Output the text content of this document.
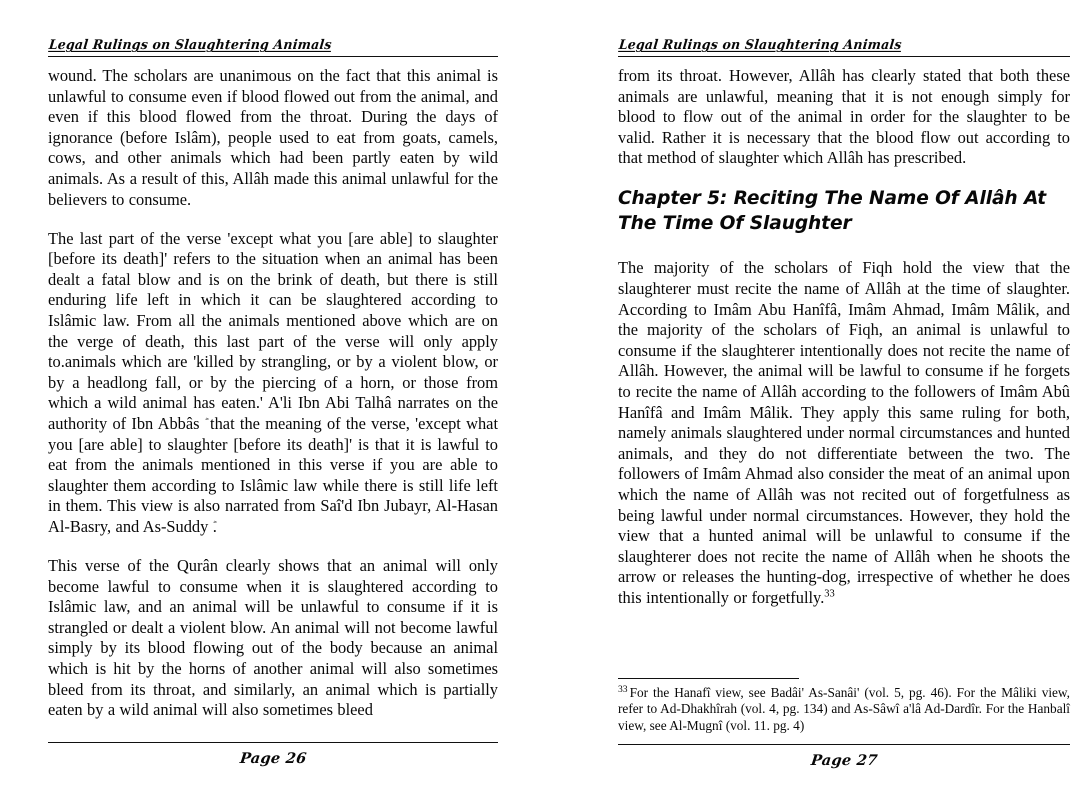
Legal Rulings on Slaughtering Animals

wound. The scholars are unanimous on the fact that this animal is unlawful to consume even if blood flowed out from the animal, and even if this blood flowed from the throat. During the days of ignorance (before Islâm), people used to eat from goats, camels, cows, and other animals which had been partly eaten by wild animals. As a result of this, Allâh made this animal unlawful for the believers to consume.

The last part of the verse 'except what you [are able] to slaughter [before its death]' refers to the situation when an animal has been dealt a fatal blow and is on the brink of death, but there is still enduring life left in which it can be slaughtered according to Islâmic law. From all the animals mentioned above which are on the verge of death, this last part of the verse will only apply to.animals which are 'killed by strangling, or by a violent blow, or by a headlong fall, or by the piercing of a horn, or those from which a wild animal has eaten.' A'li Ibn Abi Talhâ narrates on the authority of Ibn Abbâs  that the meaning of the verse, 'except what you [are able] to slaughter [before its death]' is that it is lawful to eat from the animals mentioned in this verse if you are able to slaughter them according to Islâmic law while there is still life left in them. This view is also narrated from Saî'd Ibn Jubayr, Al-Hasan Al-Basry, and As-Suddy .

This verse of the Qurân clearly shows that an animal will only become lawful to consume when it is slaughtered according to Islâmic law, and an animal will be unlawful to consume if it is strangled or dealt a violent blow. An animal will not become lawful simply by its blood flowing out of the body because an animal which is hit by the horns of another animal will also sometimes bleed from its throat, and similarly, an animal which is partially eaten by a wild animal will also sometimes bleed

Page 26
Legal Rulings on Slaughtering Animals

from its throat. However, Allâh has clearly stated that both these animals are unlawful, meaning that it is not enough simply for blood to flow out of the animal in order for the slaughter to be valid. Rather it is necessary that the blood flow out according to that method of slaughter which Allâh has prescribed.

Chapter 5: Reciting The Name Of Allâh At The Time Of Slaughter

The majority of the scholars of Fiqh hold the view that the slaughterer must recite the name of Allâh at the time of slaughter. According to Imâm Abu Hanîfâ, Imâm Ahmad, Imâm Mâlik, and the majority of the scholars of Fiqh, an animal is unlawful to consume if the slaughterer intentionally does not recite the name of Allâh. However, the animal will be lawful to consume if he forgets to recite the name of Allâh according to the followers of Imâm Abû Hanîfâ and Imâm Mâlik. They apply this same ruling for both, namely animals slaughtered under normal circumstances and hunted animals, and they do not differentiate between the two. The followers of Imâm Ahmad also consider the meat of an animal upon which the name of Allâh was not recited out of forgetfulness as being lawful under normal circumstances. However, they hold the view that a hunted animal will be unlawful to consume if the slaughterer does not recite the name of Allâh when he shoots the arrow or releases the hunting-dog, irrespective of whether he does this intentionally or forgetfully.$^{33}$

$^{33}$ For the Hanafî view, see Badâi' As-Sanâi' (vol. 5, pg. 46). For the Mâliki view, refer to Ad-Dhakhîrah (vol. 4, pg. 134) and As-Sâwî a'lâ Ad-Dardîr. For the Hanbalî view, see Al-Mugnî (vol. 11. pg. 4)

Page 27
